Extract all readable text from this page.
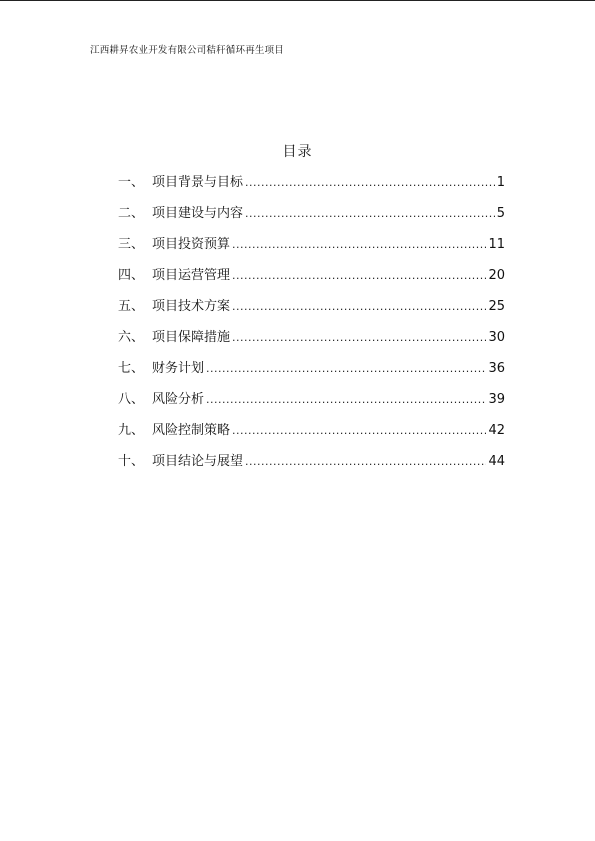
江西耕昇农业开发有限公司秸秆循环再生项目
目录
一、 项目背景与目标 .....	1
二、 项目建设与内容 .....	5
三、 项目投资预算 .....	11
四、 项目运营管理 .....	20
五、 项目技术方案 .....	25
六、 项目保障措施 .....	30
七、 财务计划 .....	36
八、 风险分析 .....	39
九、 风险控制策略 .....	42
十、 项目结论与展望 .....	44
